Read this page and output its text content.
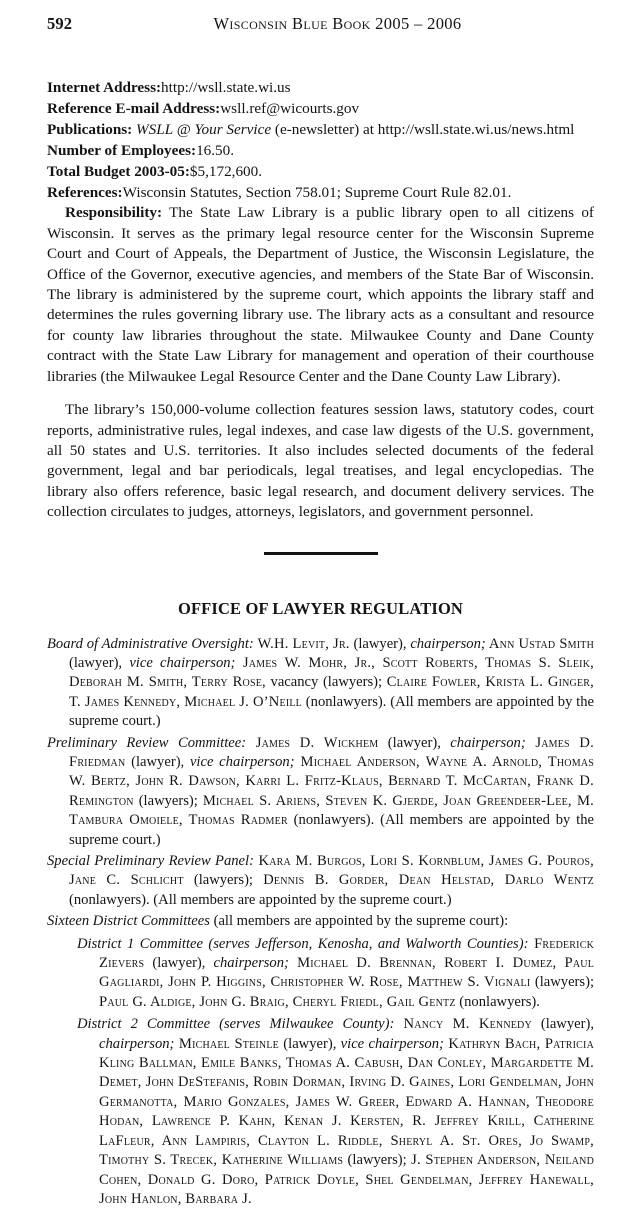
592	Wisconsin Blue Book 2005 – 2006
Internet Address:http://wsll.state.wi.us
Reference E-mail Address:wsll.ref@wicourts.gov
Publications: WSLL @ Your Service (e-newsletter) at http://wsll.state.wi.us/news.html
Number of Employees:16.50.
Total Budget 2003-05:$5,172,600.
References:Wisconsin Statutes, Section 758.01; Supreme Court Rule 82.01.

Responsibility: The State Law Library is a public library open to all citizens of Wisconsin. It serves as the primary legal resource center for the Wisconsin Supreme Court and Court of Appeals, the Department of Justice, the Wisconsin Legislature, the Office of the Governor, executive agencies, and members of the State Bar of Wisconsin. The library is administered by the supreme court, which appoints the library staff and determines the rules governing library use. The library acts as a consultant and resource for county law libraries throughout the state. Milwaukee County and Dane County contract with the State Law Library for management and operation of their courthouse libraries (the Milwaukee Legal Resource Center and the Dane County Law Library).

The library’s 150,000-volume collection features session laws, statutory codes, court reports, administrative rules, legal indexes, and case law digests of the U.S. government, all 50 states and U.S. territories. It also includes selected documents of the federal government, legal and bar periodicals, legal treatises, and legal encyclopedias. The library also offers reference, basic legal research, and document delivery services. The collection circulates to judges, attorneys, legislators, and government personnel.

OFFICE OF LAWYER REGULATION

Board of Administrative Oversight: W.H. Levit, Jr. (lawyer), chairperson; Ann Ustad Smith (lawyer), vice chairperson; James W. Mohr, Jr., Scott Roberts, Thomas S. Sleik, Deborah M. Smith, Terry Rose, vacancy (lawyers); Claire Fowler, Krista L. Ginger, T. James Kennedy, Michael J. O’Neill (nonlawyers). (All members are appointed by the supreme court.)

Preliminary Review Committee: James D. Wickhem (lawyer), chairperson; James D. Friedman (lawyer), vice chairperson; Michael Anderson, Wayne A. Arnold, Thomas W. Bertz, John R. Dawson, Karri L. Fritz-Klaus, Bernard T. McCartan, Frank D. Remington (lawyers); Michael S. Ariens, Steven K. Gjerde, Joan Greendeer-Lee, M. Tambura Omoiele, Thomas Radmer (nonlawyers). (All members are appointed by the supreme court.)

Special Preliminary Review Panel: Kara M. Burgos, Lori S. Kornblum, James G. Pouros, Jane C. Schlicht (lawyers); Dennis B. Gorder, Dean Helstad, Darlo Wentz (nonlawyers). (All members are appointed by the supreme court.)

Sixteen District Committees (all members are appointed by the supreme court):

District 1 Committee (serves Jefferson, Kenosha, and Walworth Counties): Frederick Zievers (lawyer), chairperson; Michael D. Brennan, Robert I. Dumez, Paul Gagliardi, John P. Higgins, Christopher W. Rose, Matthew S. Vignali (lawyers); Paul G. Aldige, John G. Braig, Cheryl Friedl, Gail Gentz (nonlawyers).

District 2 Committee (serves Milwaukee County): Nancy M. Kennedy (lawyer), chairperson; Michael Steinle (lawyer), vice chairperson; Kathryn Bach, Patricia Kling Ballman, Emile Banks, Thomas A. Cabush, Dan Conley, Margardette M. Demet, John DeStefanis, Robin Dorman, Irving D. Gaines, Lori Gendelman, John Germanotta, Mario Gonzales, James W. Greer, Edward A. Hannan, Theodore Hodan, Lawrence P. Kahn, Kenan J. Kersten, R. Jeffrey Krill, Catherine LaFleur, Ann Lampiris, Clayton L. Riddle, Sheryl A. St. Ores, Jo Swamp, Timothy S. Trecek, Katherine Williams (lawyers); J. Stephen Anderson, Neiland Cohen, Donald G. Doro, Patrick Doyle, Shel Gendelman, Jeffrey Hanewall, John Hanlon, Barbara J.
